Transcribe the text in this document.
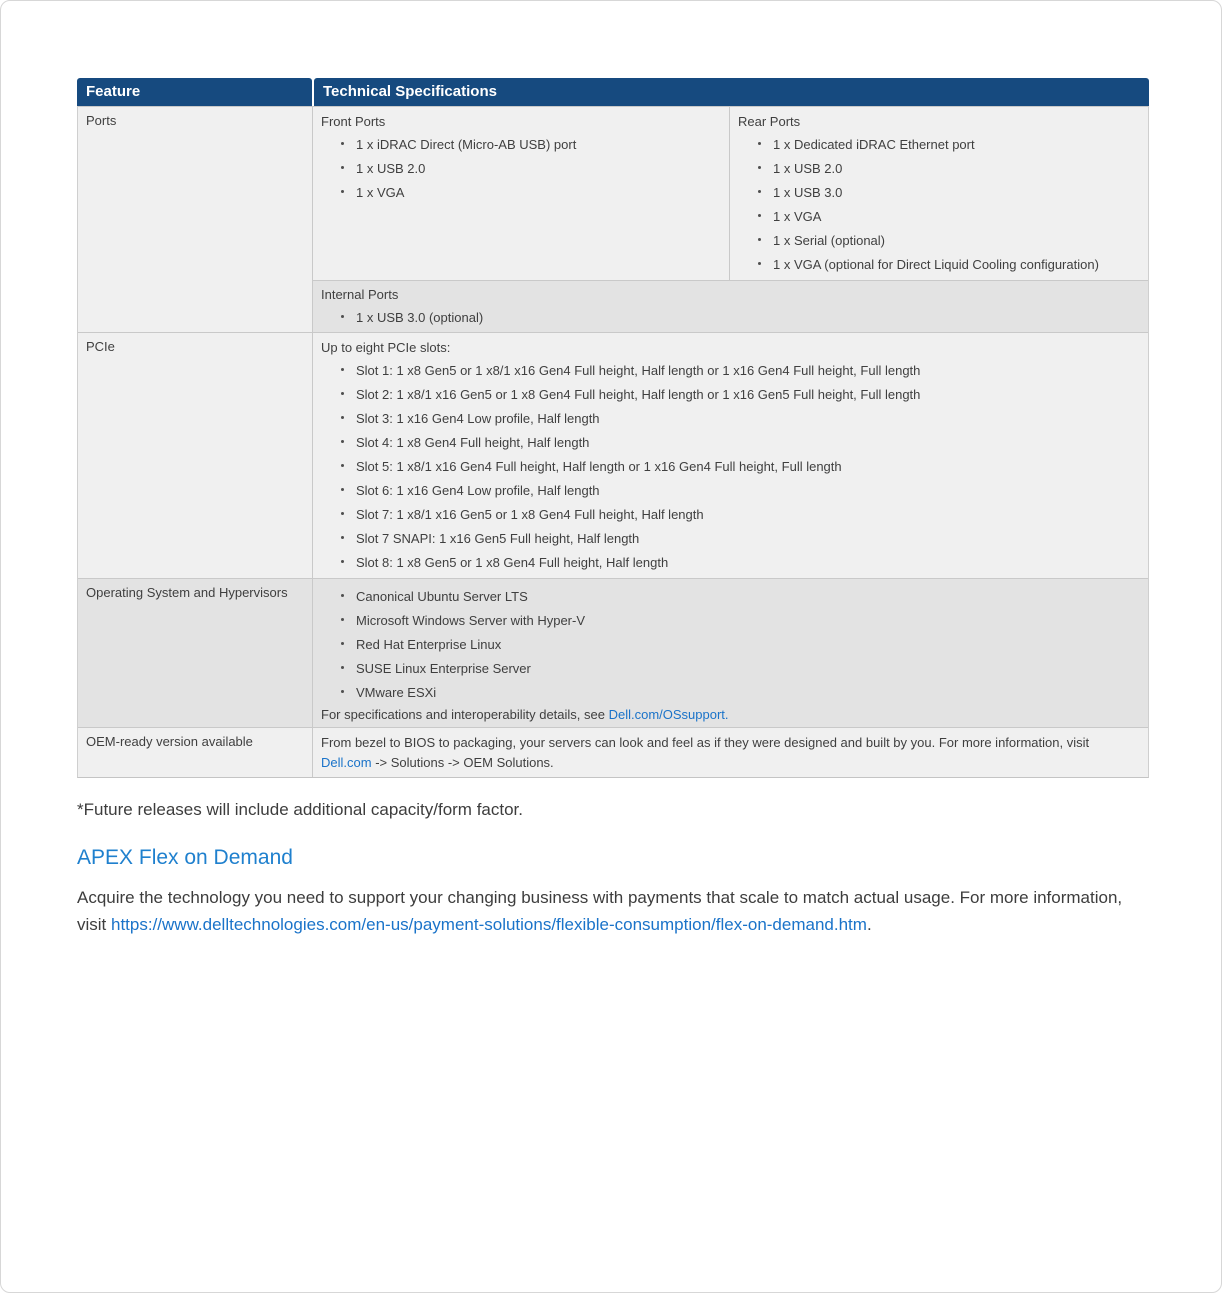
Feature	Technical Specifications
Ports	Front Ports
1 x iDRAC Direct (Micro-AB USB) port
1 x USB 2.0
1 x VGA
Rear Ports
1 x Dedicated iDRAC Ethernet port
1 x USB 2.0
1 x USB 3.0
1 x VGA
1 x Serial (optional)
1 x VGA (optional for Direct Liquid Cooling configuration)
Internal Ports
1 x USB 3.0 (optional)
PCIe	Up to eight PCIe slots:
Slot 1: 1 x8 Gen5 or 1 x8/1 x16 Gen4 Full height, Half length or 1 x16 Gen4 Full height, Full length
Slot 2: 1 x8/1 x16 Gen5 or 1 x8 Gen4 Full height, Half length or 1 x16 Gen5 Full height, Full length
Slot 3: 1 x16 Gen4 Low profile, Half length
Slot 4: 1 x8 Gen4 Full height, Half length
Slot 5: 1 x8/1 x16 Gen4 Full height, Half length or 1 x16 Gen4 Full height, Full length
Slot 6: 1 x16 Gen4 Low profile, Half length
Slot 7: 1 x8/1 x16 Gen5 or 1 x8 Gen4 Full height, Half length
Slot 7 SNAPI: 1 x16 Gen5 Full height, Half length
Slot 8: 1 x8 Gen5 or 1 x8 Gen4 Full height, Half length
Operating System and Hypervisors	Canonical Ubuntu Server LTS
Microsoft Windows Server with Hyper-V
Red Hat Enterprise Linux
SUSE Linux Enterprise Server
VMware ESXi
For specifications and interoperability details, see Dell.com/OSsupport.
OEM-ready version available	From bezel to BIOS to packaging, your servers can look and feel as if they were designed and built by you. For more information, visit Dell.com -> Solutions -> OEM Solutions.

*Future releases will include additional capacity/form factor.

APEX Flex on Demand

Acquire the technology you need to support your changing business with payments that scale to match actual usage. For more information, visit https://www.delltechnologies.com/en-us/payment-solutions/flexible-consumption/flex-on-demand.htm.
